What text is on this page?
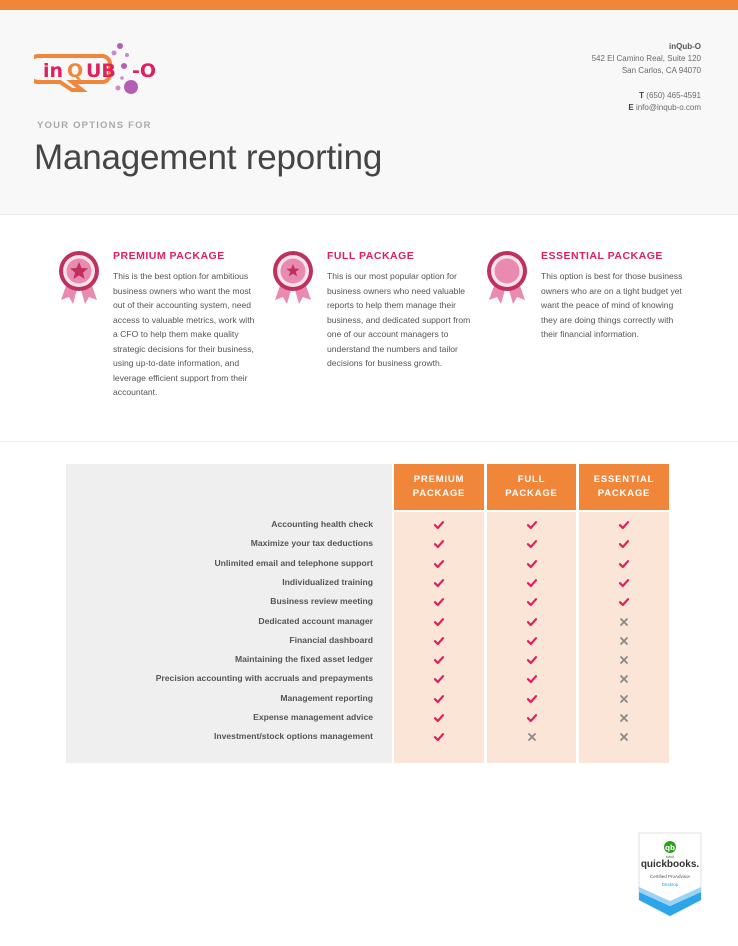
in Q UB -O
inQub-O
542 El Camino Real, Suite 120
San Carlos, CA 94070
T (650) 465-4591
E info@inqub-o.com
YOUR OPTIONS FOR
Management reporting
PREMIUM PACKAGE
This is the best option for ambitious business owners who want the most out of their accounting system, need access to valuable metrics, work with a CFO to help them make quality strategic decisions for their business, using up-to-date information, and leverage efficient support from their accountant.
FULL PACKAGE
This is our most popular option for business owners who need valuable reports to help them manage their business, and dedicated support from one of our account managers to understand the numbers and tailor decisions for business growth.
ESSENTIAL PACKAGE
This option is best for those business owners who are on a tight budget yet want the peace of mind of knowing they are doing things correctly with their financial information.
PREMIUM
PACKAGE
FULL
PACKAGE
ESSENTIAL
PACKAGE
Accounting health check
Maximize your tax deductions
Unlimited email and telephone support
Individualized training
Business review meeting
Dedicated account manager
Financial dashboard
Maintaining the fixed asset ledger
Precision accounting with accruals and prepayments
Management reporting
Expense management advice
Investment/stock options management
qb
intuit
quickbooks.
Certified ProAdvisor
Desktop
